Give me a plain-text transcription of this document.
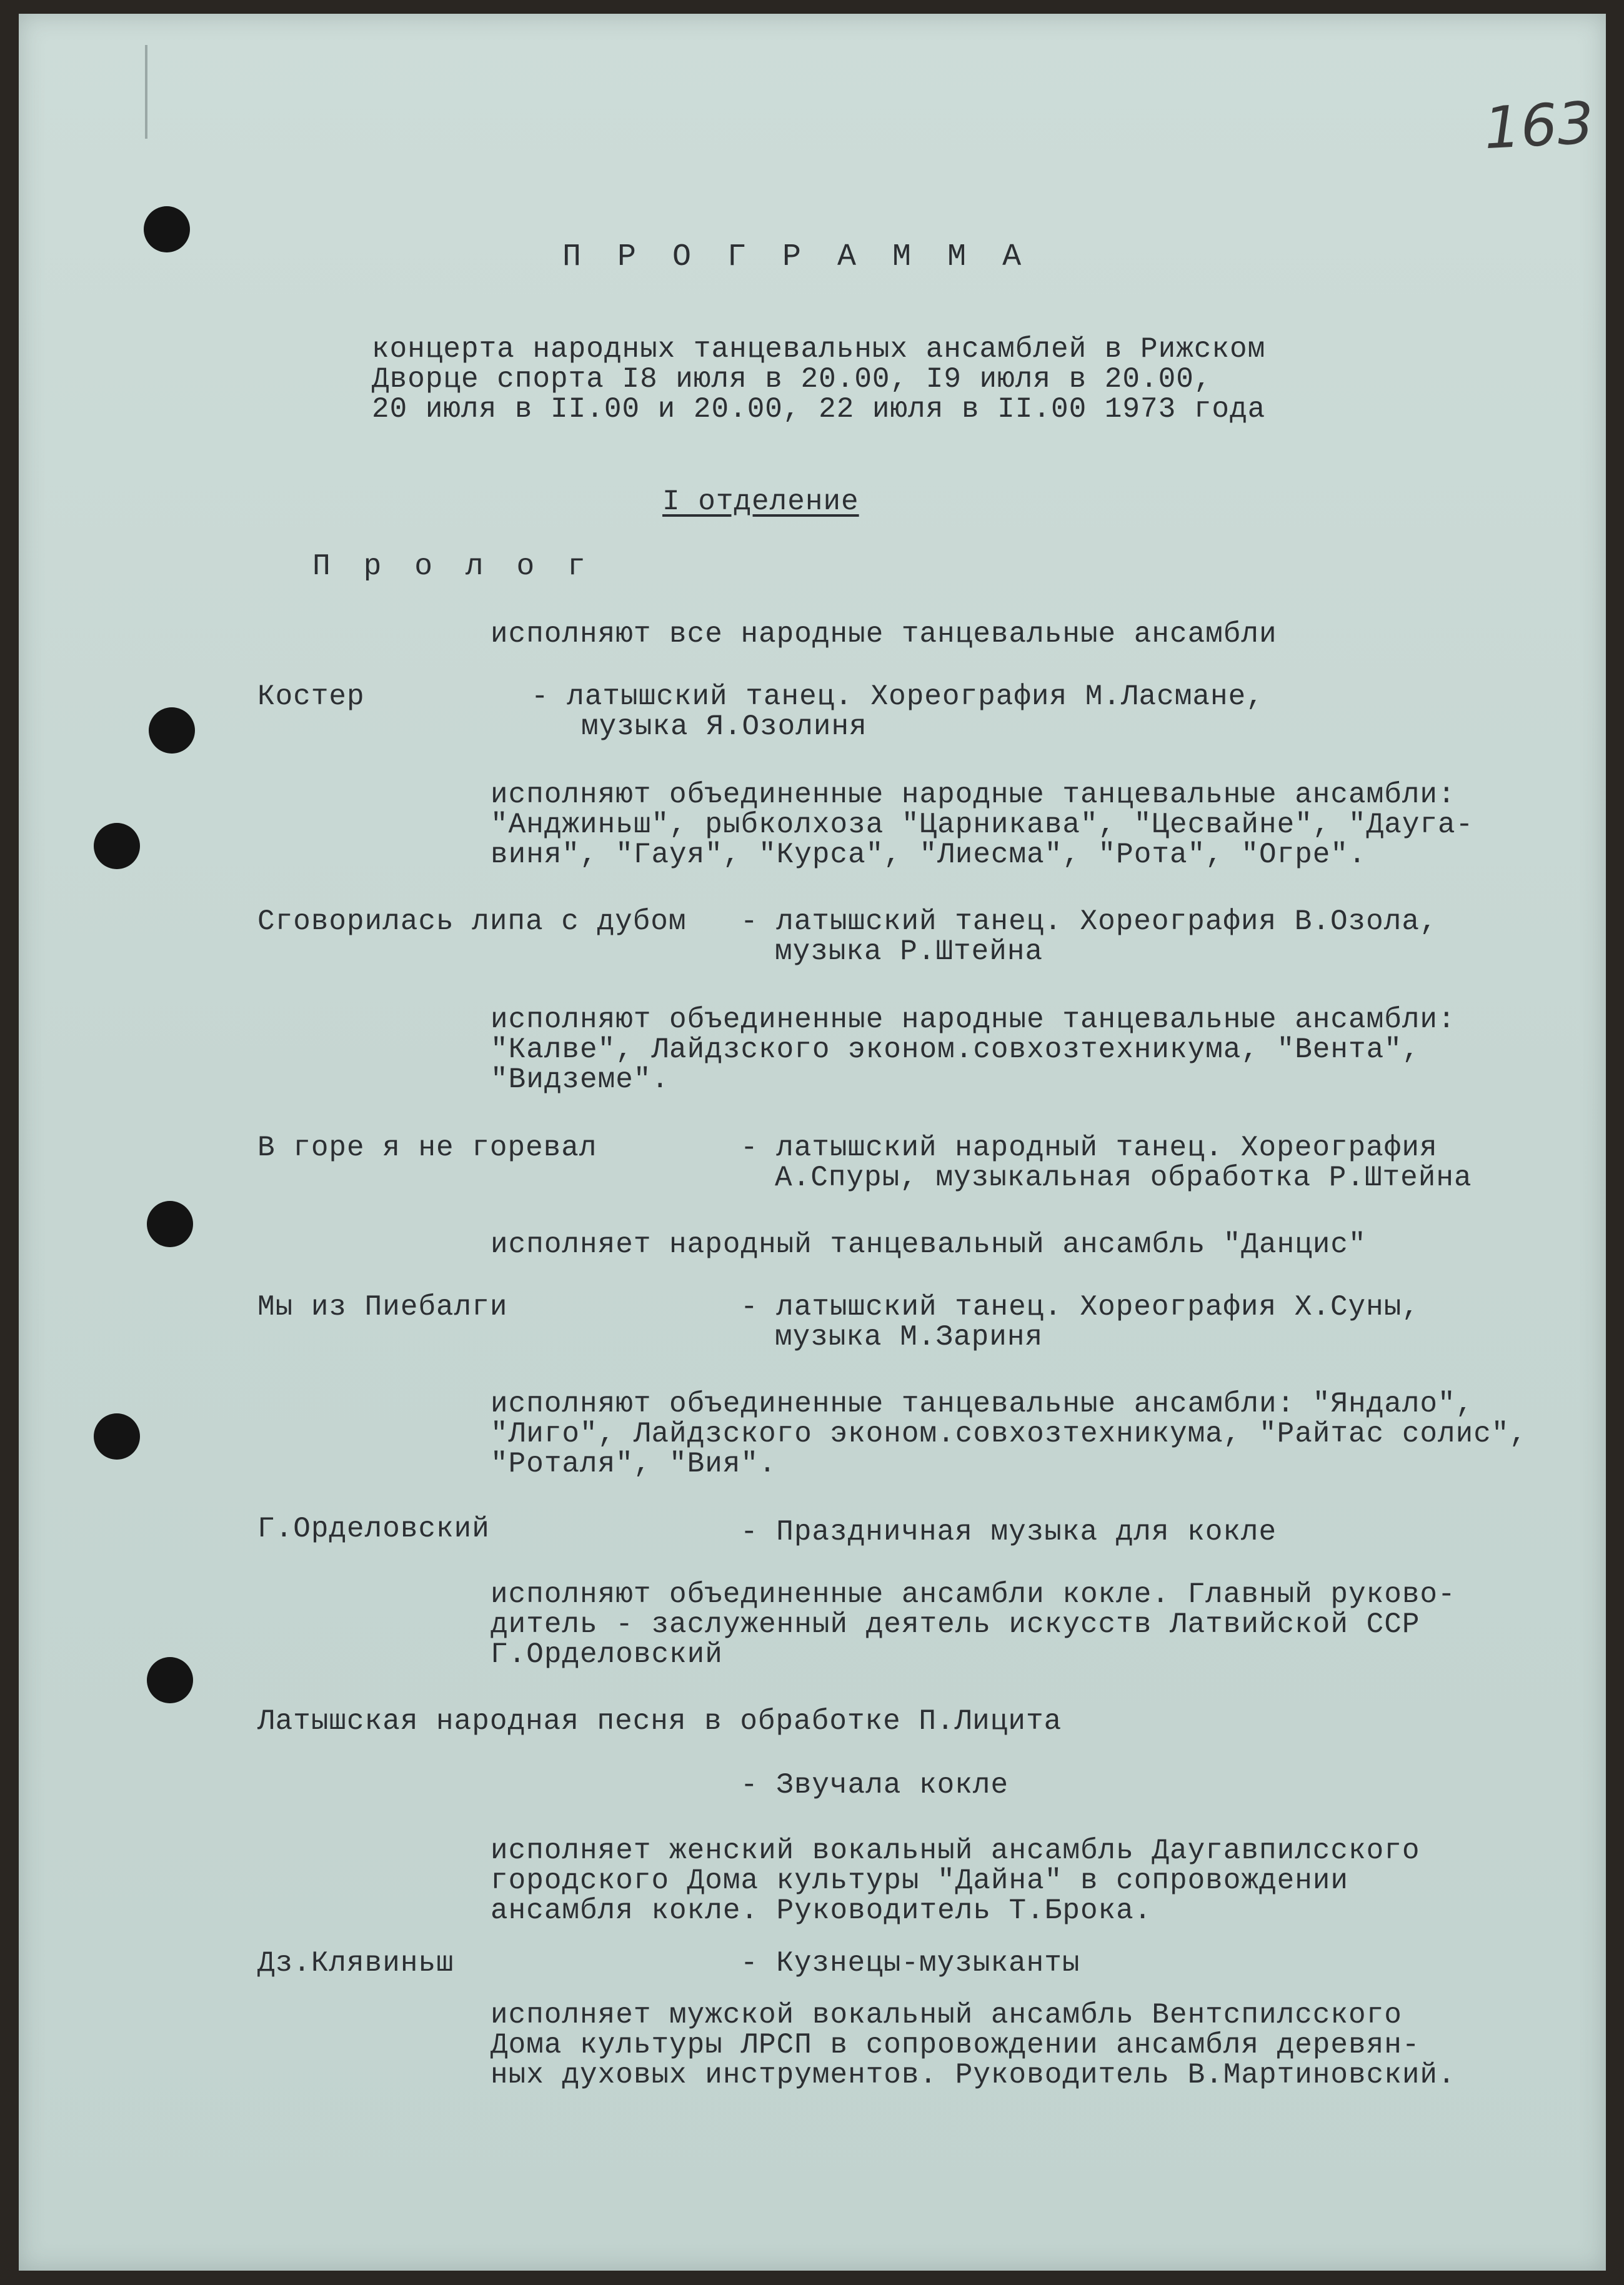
163
П Р О Г Р А М М А
концерта народных танцевальных ансамблей в Рижском
Дворце спорта I8 июля в 20.00, I9 июля в 20.00,
20 июля в II.00 и 20.00, 22 июля в II.00 1973 года
I отделение
П р о л о г
исполняют все народные танцевальные ансамбли
Костер	- латышский танец. Хореография М.Ласмане,
музыка Я.Озолиня
исполняют объединенные народные танцевальные ансамбли:
"Анджиньш", рыбколхоза "Царникава", "Цесвайне", "Даугa-
виня", "Гауя", "Курса", "Лиесма", "Рота", "Огре".
Сговорилась липа с дубом - латышский танец. Хореография В.Озола,
музыка Р.Штейна
исполняют объединенные народные танцевальные ансамбли:
"Калве", Лайдзского эконом.совхозтехникума, "Вента",
"Видземе".
В горе я не горевал	- латышский народный танец. Хореография
А.Спуры, музыкальная обработка Р.Штейна
исполняет народный танцевальный ансамбль "Данцис"
Мы из Пиебалги	- латышский танец. Хореография Х.Суны,
музыка М.Зариня
исполняют объединенные танцевальные ансамбли: "Яндало",
"Лиго", Лайдзского эконом.совхозтехникума, "Райтас солис",
"Роталя", "Вия".
Г.Орделовский	- Праздничная музыка для кокле
исполняют объединенные ансамбли кокле. Главный руково-
дитель - заслуженный деятель искусств Латвийской ССР
Г.Орделовский
Латышская народная песня в обработке П.Лицита
- Звучала кокле
исполняет женский вокальный ансамбль Даугавпилсского
городского Дома культуры "Дайна" в сопровождении
ансамбля кокле. Руководитель Т.Брока.
Дз.Клявиньш	- Кузнецы-музыканты
исполняет мужской вокальный ансамбль Вентспилсского
Дома культуры ЛРСП в сопровождении ансамбля деревян-
ных духовых инструментов. Руководитель В.Мартиновский.
